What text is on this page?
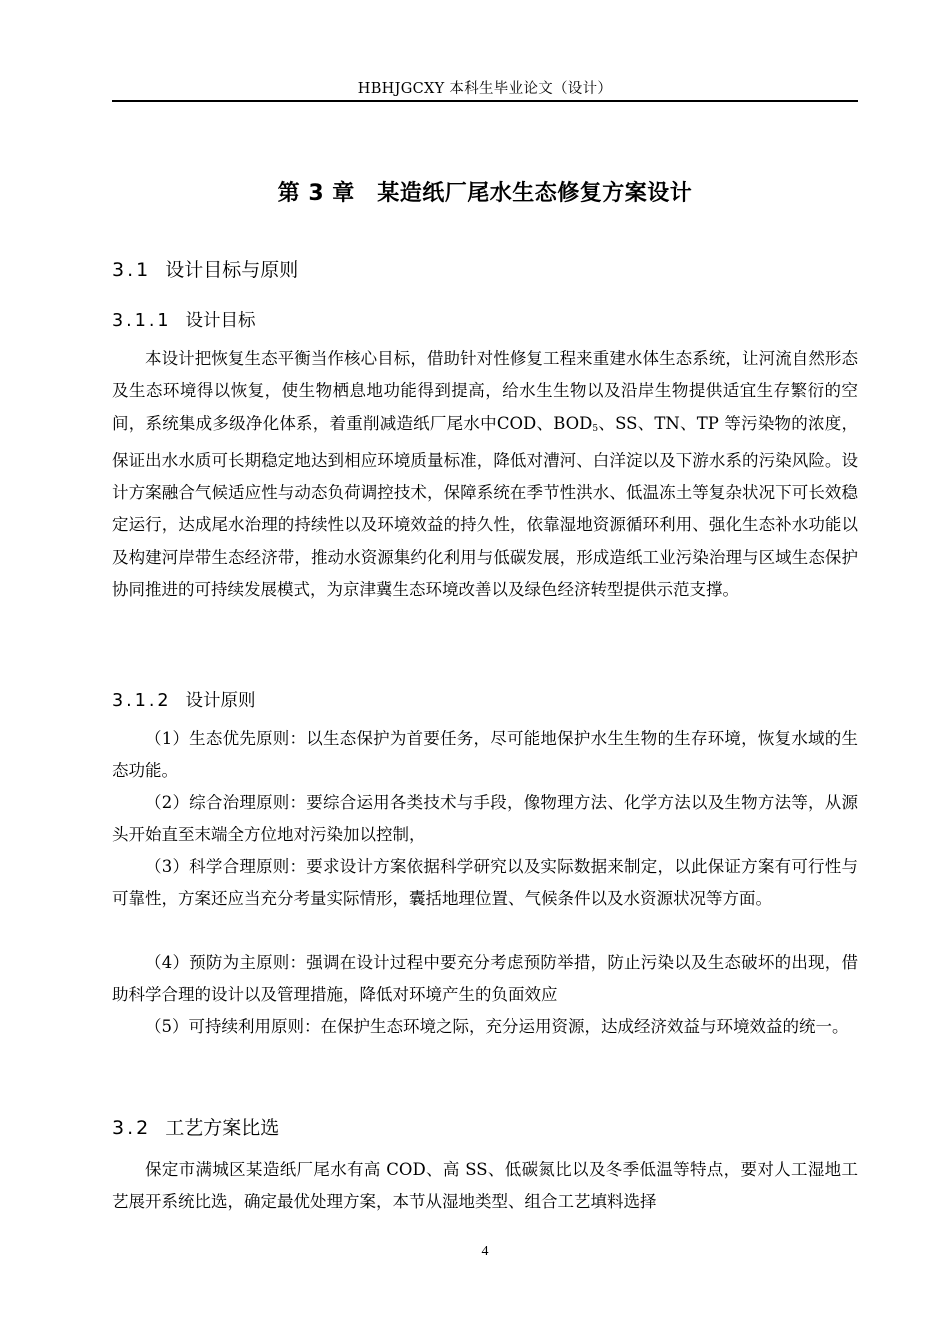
HBHJGCXY 本科生毕业论文（设计）
第 3 章　某造纸厂尾水生态修复方案设计
3.1 设计目标与原则
3.1.1 设计目标
本设计把恢复生态平衡当作核心目标，借助针对性修复工程来重建水体生态系统，让河流自然形态及生态环境得以恢复，使生物栖息地功能得到提高，给水生生物以及沿岸生物提供适宜生存繁衍的空间，系统集成多级净化体系，着重削减造纸厂尾水中COD、$BOD_5$、SS、TN、TP 等污染物的浓度，保证出水水质可长期稳定地达到相应环境质量标准，降低对漕河、白洋淀以及下游水系的污染风险。设计方案融合气候适应性与动态负荷调控技术，保障系统在季节性洪水、低温冻土等复杂状况下可长效稳定运行，达成尾水治理的持续性以及环境效益的持久性，依靠湿地资源循环利用、强化生态补水功能以及构建河岸带生态经济带，推动水资源集约化利用与低碳发展，形成造纸工业污染治理与区域生态保护协同推进的可持续发展模式，为京津冀生态环境改善以及绿色经济转型提供示范支撑。
3.1.2 设计原则
（1）生态优先原则：以生态保护为首要任务，尽可能地保护水生生物的生存环境，恢复水域的生态功能。
（2）综合治理原则：要综合运用各类技术与手段，像物理方法、化学方法以及生物方法等，从源头开始直至末端全方位地对污染加以控制，
（3）科学合理原则：要求设计方案依据科学研究以及实际数据来制定，以此保证方案有可行性与可靠性，方案还应当充分考量实际情形，囊括地理位置、气候条件以及水资源状况等方面。
（4）预防为主原则：强调在设计过程中要充分考虑预防举措，防止污染以及生态破坏的出现，借助科学合理的设计以及管理措施，降低对环境产生的负面效应
（5）可持续利用原则：在保护生态环境之际，充分运用资源，达成经济效益与环境效益的统一。
3.2 工艺方案比选
保定市满城区某造纸厂尾水有高 COD、高 SS、低碳氮比以及冬季低温等特点，要对人工湿地工艺展开系统比选，确定最优处理方案，本节从湿地类型、组合工艺填料选择
4
